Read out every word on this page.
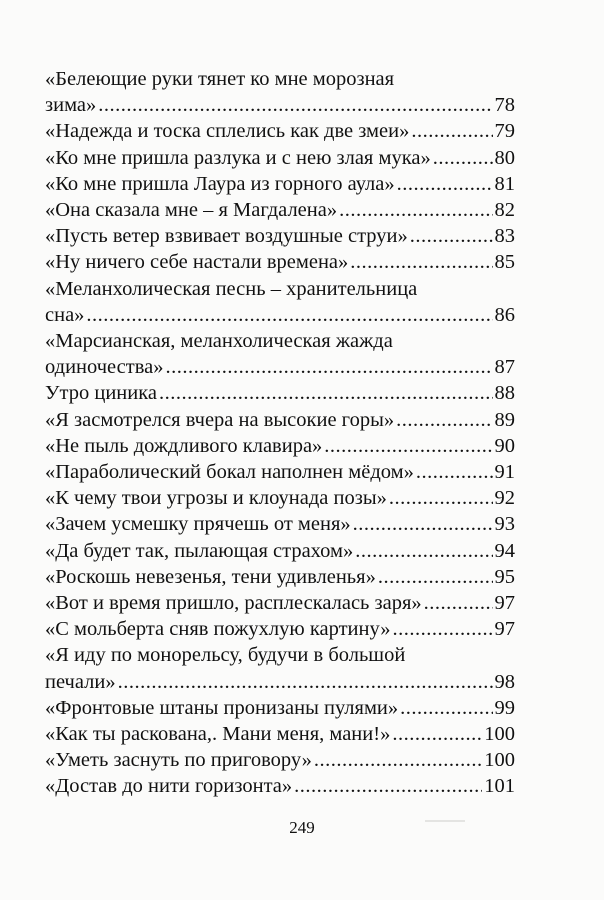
«Белеющие руки тянет ко мне морозная
зима» .....	78
«Надежда и тоска сплелись как две змеи» .....	79
«Ко мне пришла разлука и с нею злая мука» .....	80
«Ко мне пришла Лаура из горного аула» .....	81
«Она сказала мне – я Магдалена» .....	82
«Пусть ветер взвивает воздушные струи» .....	83
«Ну ничего себе настали времена» .....	85
«Меланхолическая песнь – хранительница
сна» .....	86
«Марсианская, меланхолическая жажда
одиночества» .....	87
Утро циника .....	88
«Я засмотрелся вчера на высокие горы» .....	89
«Не пыль дождливого клавира» .....	90
«Параболический бокал наполнен мёдом» .....	91
«К чему твои угрозы и клоунада позы» .....	92
«Зачем усмешку прячешь от меня» .....	93
«Да будет так, пылающая страхом» .....	94
«Роскошь невезенья, тени удивленья» .....	95
«Вот и время пришло, расплескалась заря» .....	97
«С мольберта сняв пожухлую картину» .....	97
«Я иду по монорельсу, будучи в большой
печали» .....	98
«Фронтовые штаны пронизаны пулями» .....	99
«Как ты раскована,. Мани меня, мани!» .....	100
«Уметь заснуть по приговору» .....	100
«Достав до нити горизонта» .....	101
249
